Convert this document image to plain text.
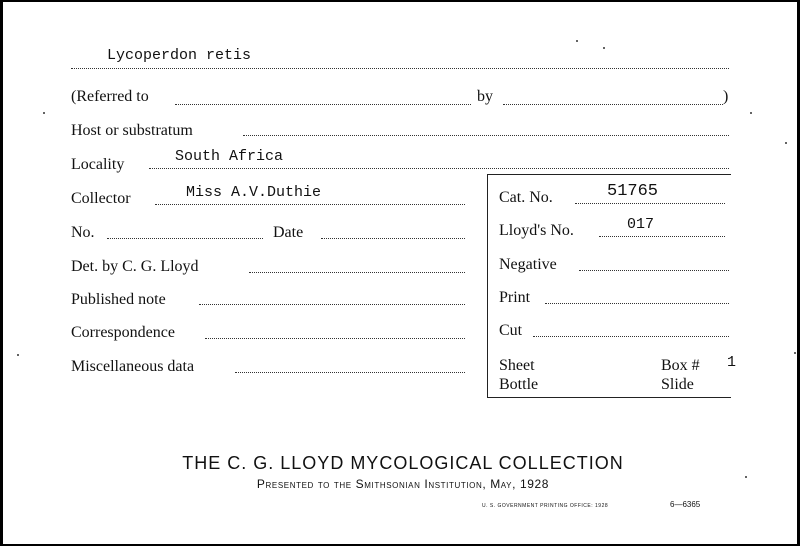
Lycoperdon retis
(Referred to	by	)
Host or substratum
Locality	South Africa
Collector	Miss A.V.Duthie
No.	Date
Det. by C. G. Lloyd
Published note
Correspondence
Miscellaneous data
Cat. No.	51765
Lloyd's No.	017
Negative
Print
Cut
Sheet	Box # 1
Bottle	Slide
THE C. G. LLOYD MYCOLOGICAL COLLECTION
Presented to the Smithsonian Institution, May, 1928
U. S. GOVERNMENT PRINTING OFFICE: 1928	6—6365
